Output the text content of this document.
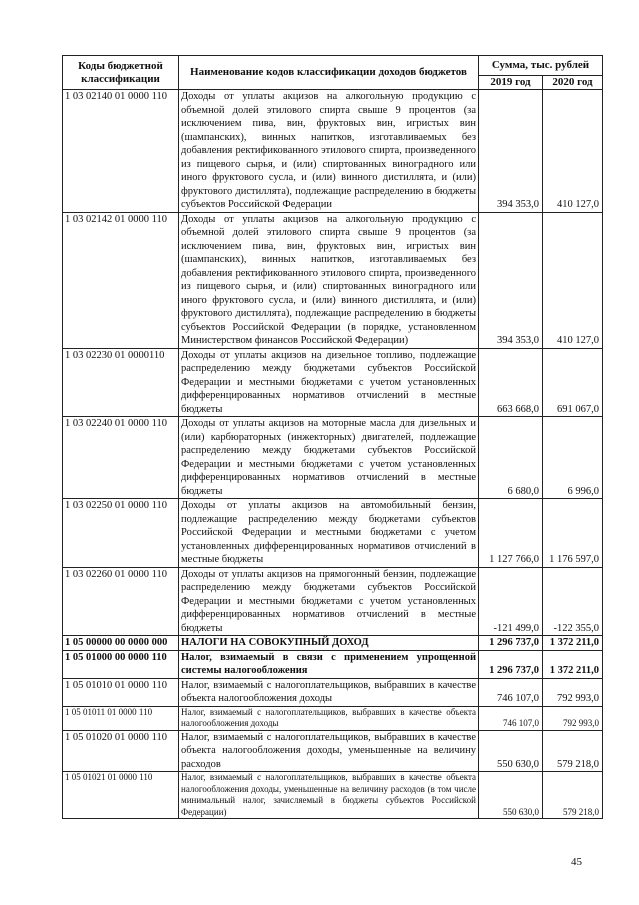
Коды бюджетной классификации	Наименование кодов классификации доходов бюджетов	Сумма, тыс. рублей	
		2019 год	2020 год
1 03 02140 01 0000 110	Доходы от уплаты акцизов на алкогольную продукцию с объемной долей этилового спирта свыше 9 процентов (за исключением пива, вин, фруктовых вин, игристых вин (шампанских), винных напитков, изготавливаемых без добавления ректификованного этилового спирта, произведенного из пищевого сырья, и (или) спиртованных виноградного или иного фруктового сусла, и (или) винного дистиллята, и (или) фруктового дистиллята), подлежащие распределению в бюджеты субъектов Российской Федерации	394 353,0	410 127,0
1 03 02142 01 0000 110	Доходы от уплаты акцизов на алкогольную продукцию с объемной долей этилового спирта свыше 9 процентов (за исключением пива, вин, фруктовых вин, игристых вин (шампанских), винных напитков, изготавливаемых без добавления ректификованного этилового спирта, произведенного из пищевого сырья, и (или) спиртованных виноградного или иного фруктового сусла, и (или) винного дистиллята, и (или) фруктового дистиллята), подлежащие распределению в бюджеты субъектов Российской Федерации (в порядке, установленном Министерством финансов Российской Федерации)	394 353,0	410 127,0
1 03 02230 01 0000110	Доходы от уплаты акцизов на дизельное топливо, подлежащие распределению между бюджетами субъектов Российской Федерации и местными бюджетами с учетом установленных дифференцированных нормативов отчислений в местные бюджеты	663 668,0	691 067,0
1 03 02240 01 0000 110	Доходы от уплаты акцизов на моторные масла для дизельных и (или) карбюраторных (инжекторных) двигателей, подлежащие распределению между бюджетами субъектов Российской Федерации и местными бюджетами с учетом установленных дифференцированных нормативов отчислений в местные бюджеты	6 680,0	6 996,0
1 03 02250 01 0000 110	Доходы от уплаты акцизов на автомобильный бензин, подлежащие распределению между бюджетами субъектов Российской Федерации и местными бюджетами с учетом установленных дифференцированных нормативов отчислений в местные бюджеты	1 127 766,0	1 176 597,0
1 03 02260 01 0000 110	Доходы от уплаты акцизов на прямогонный бензин, подлежащие распределению между бюджетами субъектов Российской Федерации и местными бюджетами с учетом установленных дифференцированных нормативов отчислений в местные бюджеты	-121 499,0	-122 355,0
1 05 00000 00 0000 000	НАЛОГИ НА СОВОКУПНЫЙ ДОХОД	1 296 737,0	1 372 211,0
1 05 01000 00 0000 110	Налог, взимаемый в связи с применением упрощенной системы налогообложения	1 296 737,0	1 372 211,0
1 05 01010 01 0000 110	Налог, взимаемый с налогоплательщиков, выбравших в качестве объекта налогообложения доходы	746 107,0	792 993,0
1 05 01011 01 0000 110	Налог, взимаемый с налогоплательщиков, выбравших в качестве объекта налогообложения доходы	746 107,0	792 993,0
1 05 01020 01 0000 110	Налог, взимаемый с налогоплательщиков, выбравших в качестве объекта налогообложения доходы, уменьшенные на величину расходов	550 630,0	579 218,0
1 05 01021 01 0000 110	Налог, взимаемый с налогоплательщиков, выбравших в качестве объекта налогообложения доходы, уменьшенные на величину расходов (в том числе минимальный налог, зачисляемый в бюджеты субъектов Российской Федерации)	550 630,0	579 218,0
45
